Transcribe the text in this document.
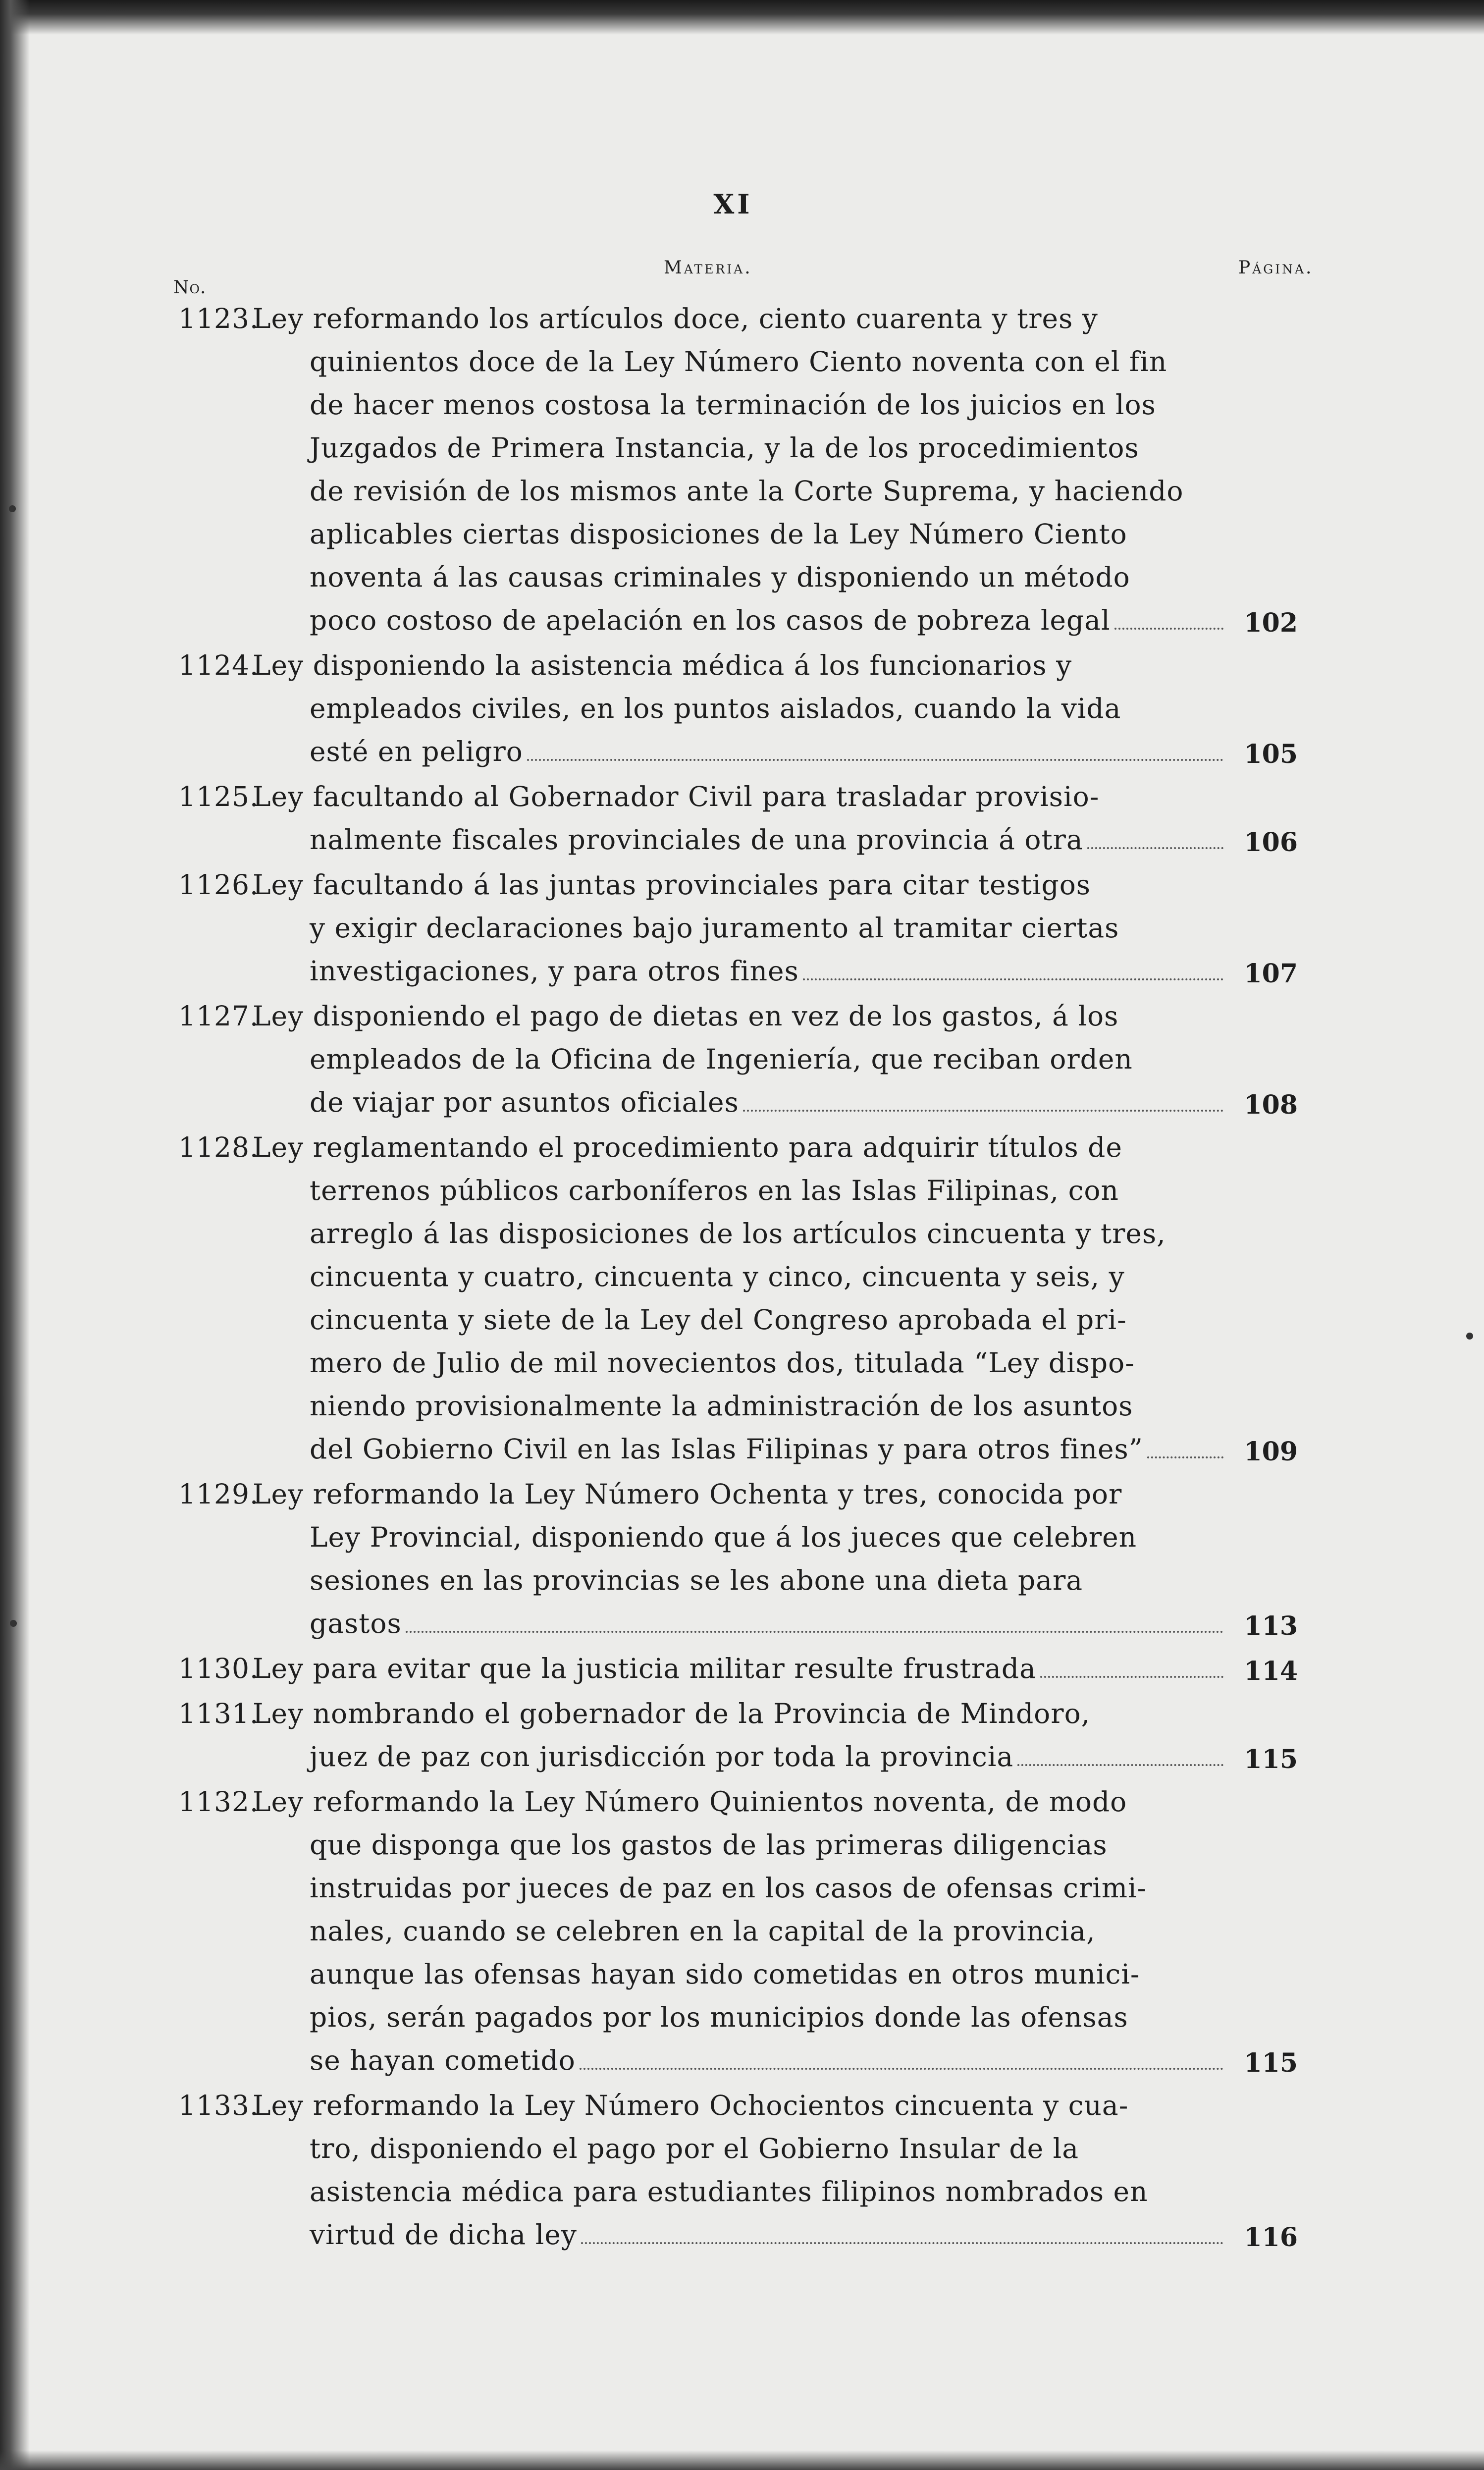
XI
Materia.	Página.
No.
1123.Ley reformando los artículos doce, ciento cuarenta y tres y
quinientos doce de la Ley Número Ciento noventa con el fin
de hacer menos costosa la terminación de los juicios en los
Juzgados de Primera Instancia, y la de los procedimientos
de revisión de los mismos ante la Corte Suprema, y haciendo
aplicables ciertas disposiciones de la Ley Número Ciento
noventa á las causas criminales y disponiendo un método
poco costoso de apelación en los casos de pobreza legal	102
1124.Ley disponiendo la asistencia médica á los funcionarios y
empleados civiles, en los puntos aislados, cuando la vida
esté en peligro	105
1125.Ley facultando al Gobernador Civil para trasladar provisio-
nalmente fiscales provinciales de una provincia á otra	106
1126.Ley facultando á las juntas provinciales para citar testigos
y exigir declaraciones bajo juramento al tramitar ciertas
investigaciones, y para otros fines	107
1127.Ley disponiendo el pago de dietas en vez de los gastos, á los
empleados de la Oficina de Ingeniería, que reciban orden
de viajar por asuntos oficiales	108
1128.Ley reglamentando el procedimiento para adquirir títulos de
terrenos públicos carboníferos en las Islas Filipinas, con
arreglo á las disposiciones de los artículos cincuenta y tres,
cincuenta y cuatro, cincuenta y cinco, cincuenta y seis, y
cincuenta y siete de la Ley del Congreso aprobada el pri-
mero de Julio de mil novecientos dos, titulada “Ley dispo-
niendo provisionalmente la administración de los asuntos
del Gobierno Civil en las Islas Filipinas y para otros fines”	109
1129.Ley reformando la Ley Número Ochenta y tres, conocida por
Ley Provincial, disponiendo que á los jueces que celebren
sesiones en las provincias se les abone una dieta para
gastos	113
1130.Ley para evitar que la justicia militar resulte frustrada	114
1131.Ley nombrando el gobernador de la Provincia de Mindoro,
juez de paz con jurisdicción por toda la provincia	115
1132.Ley reformando la Ley Número Quinientos noventa, de modo
que disponga que los gastos de las primeras diligencias
instruidas por jueces de paz en los casos de ofensas crimi-
nales, cuando se celebren en la capital de la provincia,
aunque las ofensas hayan sido cometidas en otros munici-
pios, serán pagados por los municipios donde las ofensas
se hayan cometido	115
1133.Ley reformando la Ley Número Ochocientos cincuenta y cua-
tro, disponiendo el pago por el Gobierno Insular de la
asistencia médica para estudiantes filipinos nombrados en
virtud de dicha ley	116
